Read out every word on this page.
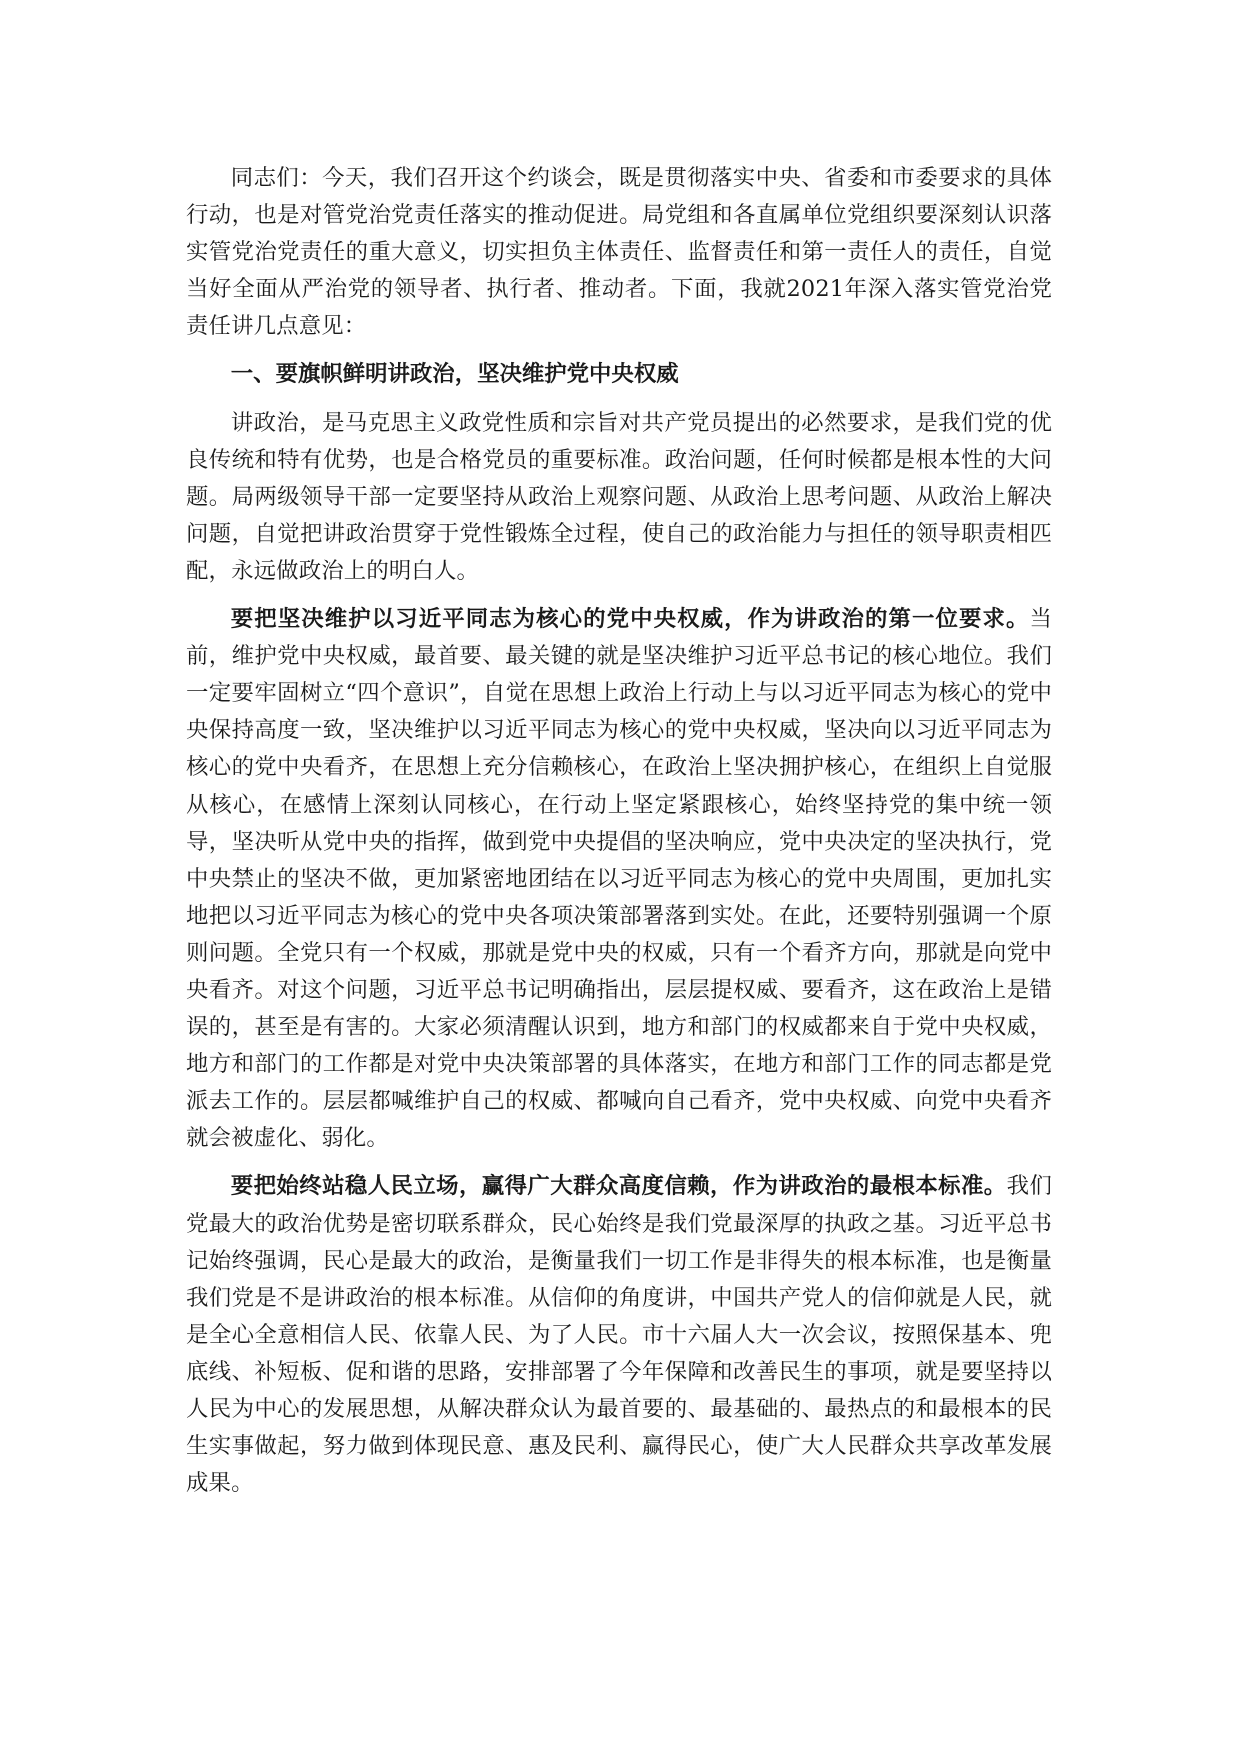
同志们：今天，我们召开这个约谈会，既是贯彻落实中央、省委和市委要求的具体行动，也是对管党治党责任落实的推动促进。局党组和各直属单位党组织要深刻认识落实管党治党责任的重大意义，切实担负主体责任、监督责任和第一责任人的责任，自觉当好全面从严治党的领导者、执行者、推动者。下面，我就2021年深入落实管党治党责任讲几点意见：

一、要旗帜鲜明讲政治，坚决维护党中央权威

讲政治，是马克思主义政党性质和宗旨对共产党员提出的必然要求，是我们党的优良传统和特有优势，也是合格党员的重要标准。政治问题，任何时候都是根本性的大问题。局两级领导干部一定要坚持从政治上观察问题、从政治上思考问题、从政治上解决问题，自觉把讲政治贯穿于党性锻炼全过程，使自己的政治能力与担任的领导职责相匹配，永远做政治上的明白人。

要把坚决维护以习近平同志为核心的党中央权威，作为讲政治的第一位要求。当前，维护党中央权威，最首要、最关键的就是坚决维护习近平总书记的核心地位。我们一定要牢固树立“四个意识”，自觉在思想上政治上行动上与以习近平同志为核心的党中央保持高度一致，坚决维护以习近平同志为核心的党中央权威，坚决向以习近平同志为核心的党中央看齐，在思想上充分信赖核心，在政治上坚决拥护核心，在组织上自觉服从核心，在感情上深刻认同核心，在行动上坚定紧跟核心，始终坚持党的集中统一领导，坚决听从党中央的指挥，做到党中央提倡的坚决响应，党中央决定的坚决执行，党中央禁止的坚决不做，更加紧密地团结在以习近平同志为核心的党中央周围，更加扎实地把以习近平同志为核心的党中央各项决策部署落到实处。在此，还要特别强调一个原则问题。全党只有一个权威，那就是党中央的权威，只有一个看齐方向，那就是向党中央看齐。对这个问题，习近平总书记明确指出，层层提权威、要看齐，这在政治上是错误的，甚至是有害的。大家必须清醒认识到，地方和部门的权威都来自于党中央权威，地方和部门的工作都是对党中央决策部署的具体落实，在地方和部门工作的同志都是党派去工作的。层层都喊维护自己的权威、都喊向自己看齐，党中央权威、向党中央看齐就会被虚化、弱化。

要把始终站稳人民立场，赢得广大群众高度信赖，作为讲政治的最根本标准。我们党最大的政治优势是密切联系群众，民心始终是我们党最深厚的执政之基。习近平总书记始终强调，民心是最大的政治，是衡量我们一切工作是非得失的根本标准，也是衡量我们党是不是讲政治的根本标准。从信仰的角度讲，中国共产党人的信仰就是人民，就是全心全意相信人民、依靠人民、为了人民。市十六届人大一次会议，按照保基本、兜底线、补短板、促和谐的思路，安排部署了今年保障和改善民生的事项，就是要坚持以人民为中心的发展思想，从解决群众认为最首要的、最基础的、最热点的和最根本的民生实事做起，努力做到体现民意、惠及民利、赢得民心，使广大人民群众共享改革发展成果。
